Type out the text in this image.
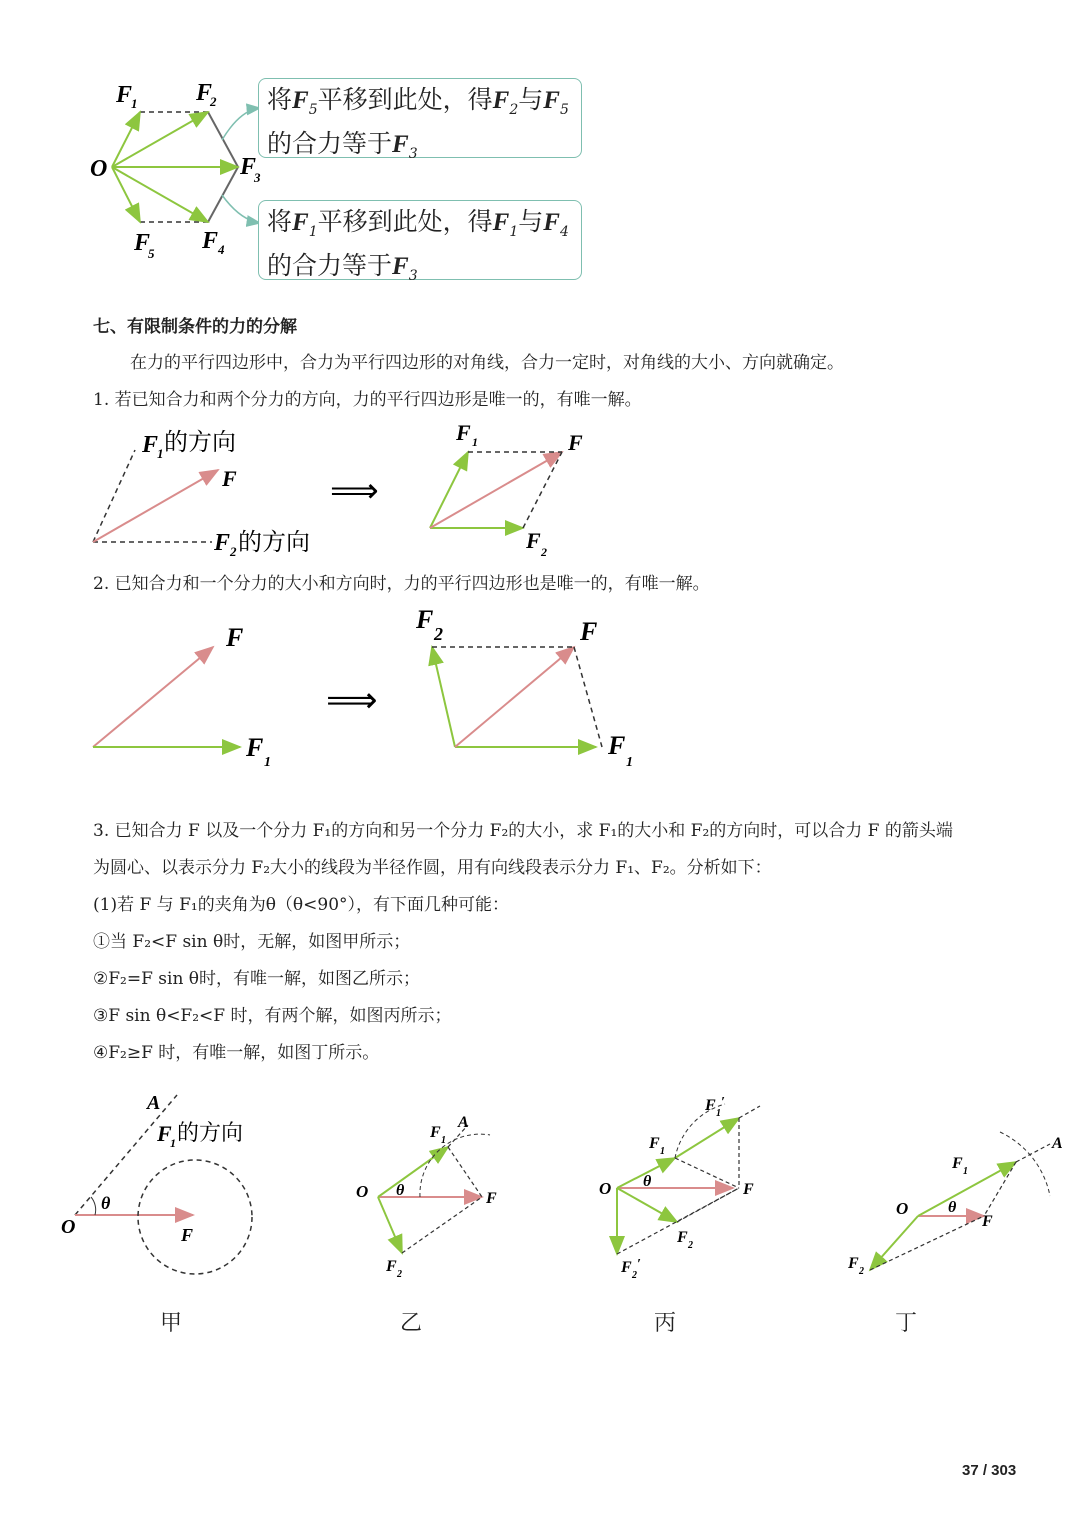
O
F
1 F
2
F
3
F 4
F
5
将$F_5$平移到此处，得$F_2$与$F_5$
的合力等于$F_3$
将$F_1$平移到此处，得$F_1$与$F_4$
的合力等于$F_3$
七、有限制条件的力的分解
在力的平行四边形中，合力为平行四边形的对角线，合力一定时，对角线的大小、方向就确定。
1. 若已知合力和两个分力的方向，力的平行四边形是唯一的，有唯一解。
F
1 的方向
F
F 2 的方向
⟹
F 1	F
F 2
2. 已知合力和一个分力的大小和方向时，力的平行四边形也是唯一的，有唯一解。
F
F
1
⟹
F 2	F
F
1
3. 已知合力 F 以及一个分力 F₁的方向和另一个分力 F₂的大小，求 F₁的大小和 F₂的方向时，可以合力 F 的箭头端
为圆心、以表示分力 F₂大小的线段为半径作圆，用有向线段表示分力 F₁、F₂。分析如下：
(1)若 F 与 F₁的夹角为θ（θ<90°），有下面几种可能：
①当 F₂<F sin θ时，无解，如图甲所示；
②F₂=F sin θ时，有唯一解，如图乙所示；
③F sin θ<F₂<F 时，有两个解，如图丙所示；
④F₂≥F 时，有唯一解，如图丁所示。
A
F
1 的方向
O
θ
F
甲
O
F 1
A
θ	F
F 2
乙
F 1
′
F 1
O θ	F
F 2
F 2
′
丙
A
F 1
O θ
F
F 2
丁
37 / 303
